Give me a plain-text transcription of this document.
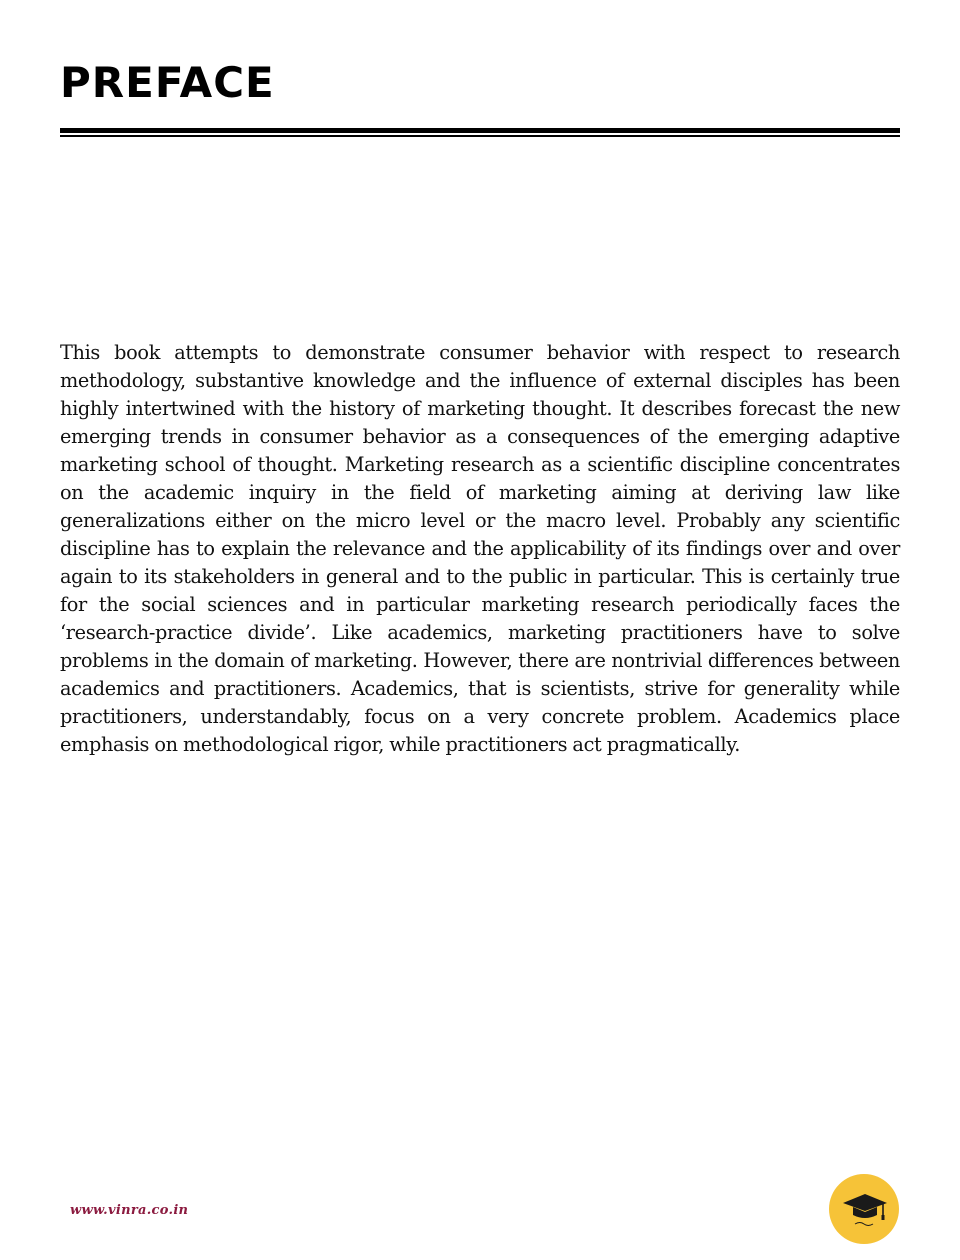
PREFACE

This book attempts to demonstrate consumer behavior with respect to research methodology, substantive knowledge and the influence of external disciples has been highly intertwined with the history of marketing thought. It describes forecast the new emerging trends in consumer behavior as a consequences of the emerging adaptive marketing school of thought. Marketing research as a scientific discipline concentrates on the academic inquiry in the field of marketing aiming at deriving law like generalizations either on the micro level or the macro level. Probably any scientific discipline has to explain the relevance and the applicability of its findings over and over again to its stakeholders in general and to the public in particular. This is certainly true for the social sciences and in particular marketing research periodically faces the ‘research-practice divide’. Like academics, marketing practitioners have to solve problems in the domain of marketing. However, there are nontrivial differences between academics and practitioners. Academics, that is scientists, strive for generality while practitioners, understandably, focus on a very concrete problem. Academics place emphasis on methodological rigor, while practitioners act pragmatically.

www.vinra.co.in
